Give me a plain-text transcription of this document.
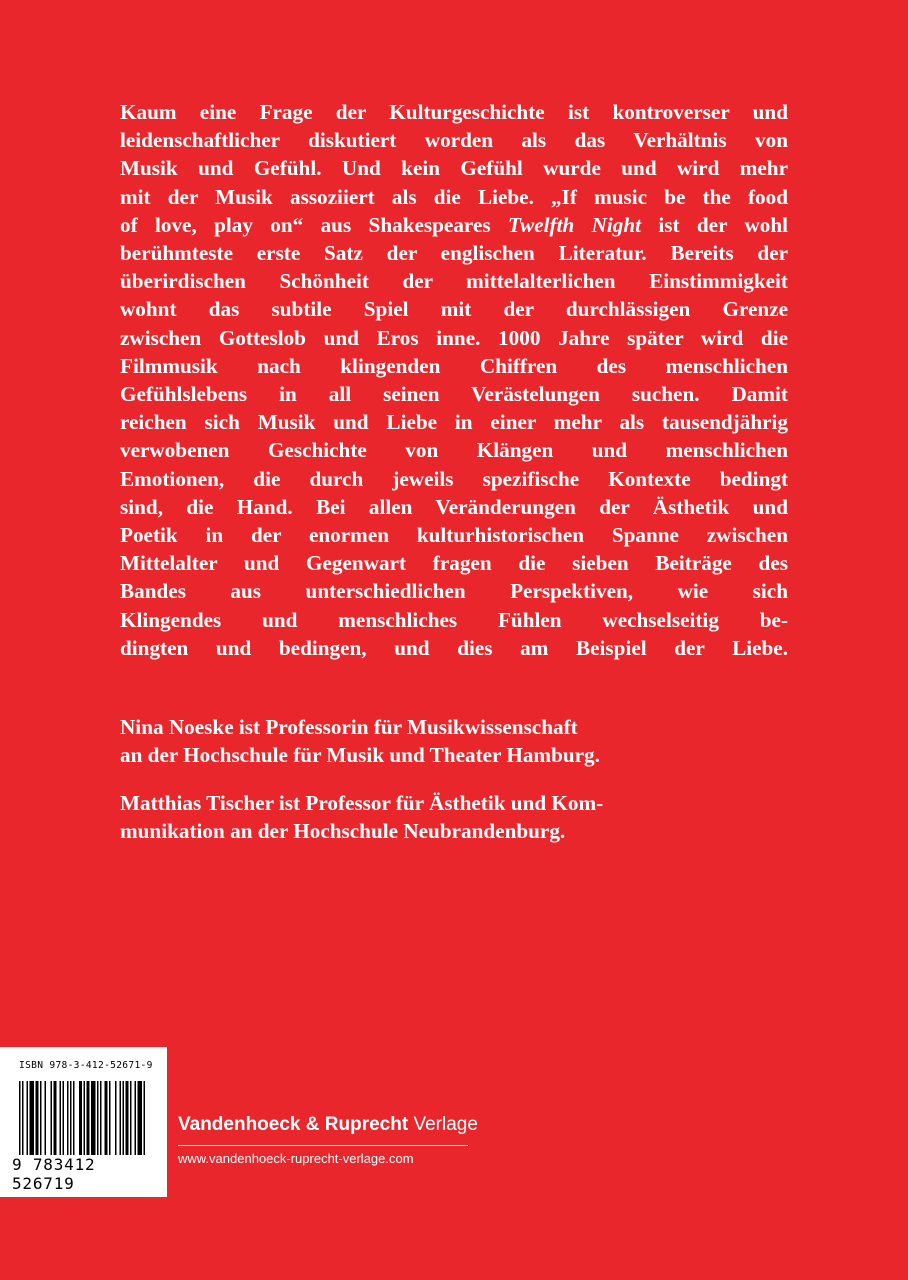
Kaum eine Frage der Kulturgeschichte ist kontroverser und
leidenschaftlicher diskutiert worden als das Verhältnis von
Musik und Gefühl. Und kein Gefühl wurde und wird mehr
mit der Musik assoziiert als die Liebe. „If music be the food
of love, play on“ aus Shakespeares Twelfth Night ist der wohl
berühmteste erste Satz der englischen Literatur. Bereits der
überirdischen Schönheit der mittelalterlichen Einstimmigkeit
wohnt das subtile Spiel mit der durchlässigen Grenze
zwischen Gotteslob und Eros inne. 1000 Jahre später wird die
Filmmusik nach klingenden Chiffren des menschlichen
Gefühlslebens in all seinen Verästelungen suchen. Damit
reichen sich Musik und Liebe in einer mehr als tausendjährig
verwobenen Geschichte von Klängen und menschlichen
Emotionen, die durch jeweils spezifische Kontexte bedingt
sind, die Hand. Bei allen Veränderungen der Ästhetik und
Poetik in der enormen kulturhistorischen Spanne zwischen
Mittelalter und Gegenwart fragen die sieben Beiträge des
Bandes aus unterschiedlichen Perspektiven, wie sich
Klingendes und menschliches Fühlen wechselseitig be-
dingten und bedingen, und dies am Beispiel der Liebe.
Nina Noeske ist Professorin für Musikwissenschaft
an der Hochschule für Musik und Theater Hamburg.
Matthias Tischer ist Professor für Ästhetik und Kom-
munikation an der Hochschule Neubrandenburg.
ISBN 978-3-412-52671-9
9 783412 526719
Vandenhoeck & Ruprecht Verlage
www.vandenhoeck-ruprecht-verlage.com
